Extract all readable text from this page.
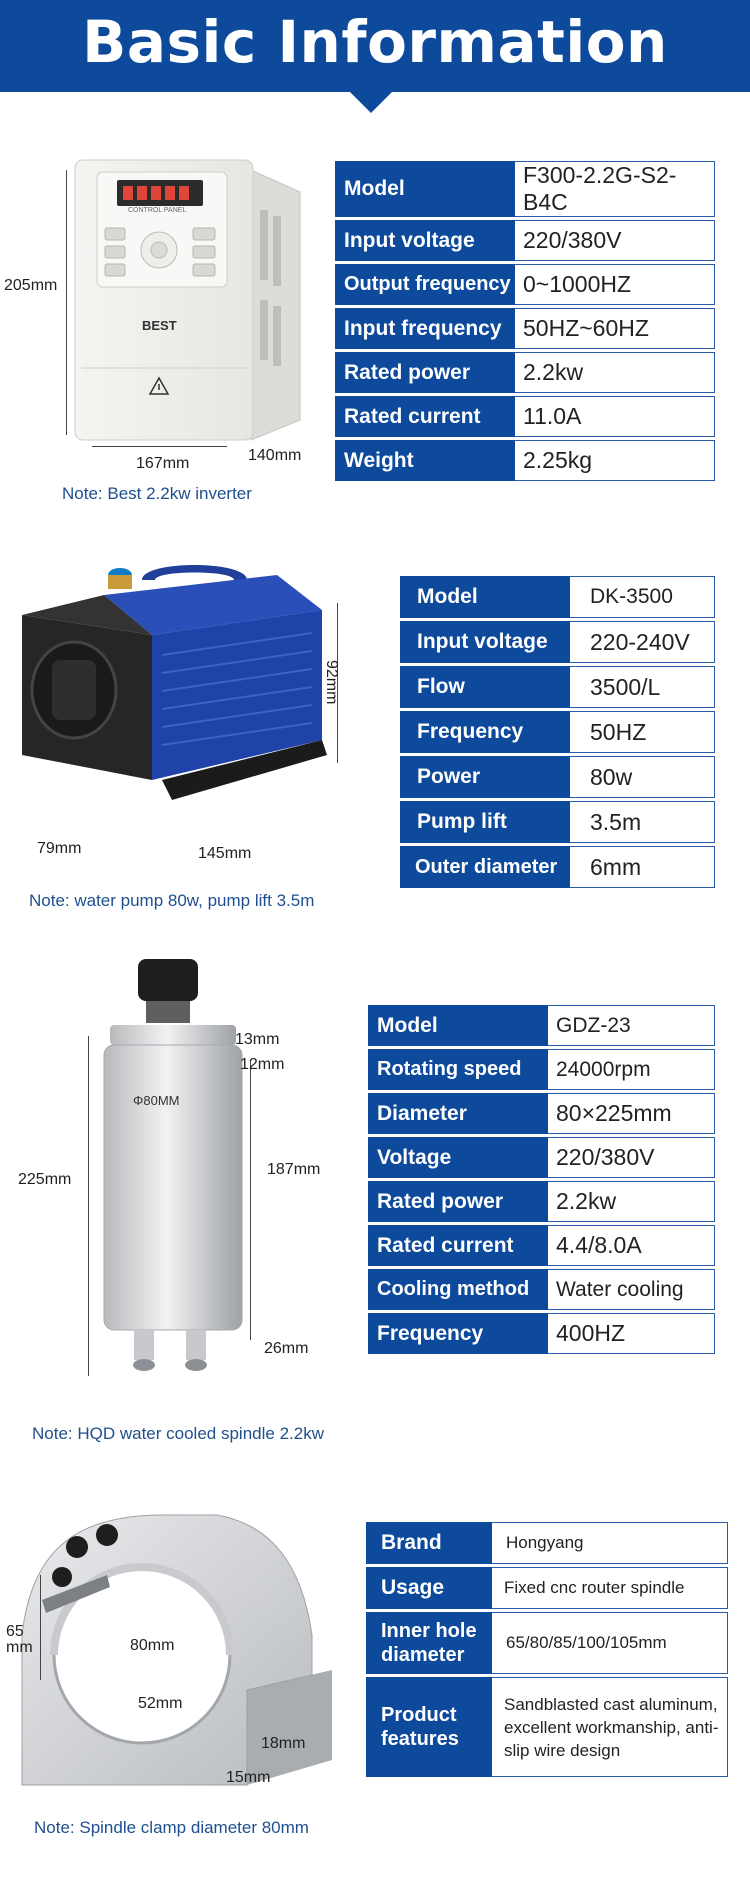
Basic Information
BEST
CONTROL PANEL
205mm
167mm	140mm
Model	F300-2.2G-S2-B4C
Input voltage	220/380V
Output frequency	0~1000HZ
Input frequency	50HZ~60HZ
Rated power	2.2kw
Rated current	11.0A
Weight	2.25kg
Note: Best 2.2kw inverter
92mm
79mm	145mm
Model	DK-3500
Input voltage	220-240V
Flow	3500/L
Frequency	50HZ
Power	80w
Pump lift	3.5m
Outer diameter	6mm
Note: water pump 80w, pump lift 3.5m
Φ80MM
225mm
13mm
12mm
187mm
26mm
Model	GDZ-23
Rotating speed	24000rpm
Diameter	80×225mm
Voltage	220/380V
Rated power	2.2kw
Rated current	4.4/8.0A
Cooling method	Water cooling
Frequency	400HZ
Note: HQD water cooled spindle 2.2kw
65 mm	80mm
52mm
18mm
15mm
Brand	Hongyang
Usage	Fixed cnc router spindle
Inner hole diameter	65/80/85/100/105mm
Product features	Sandblasted cast aluminum, excellent workmanship, anti-slip wire design
Note: Spindle clamp diameter 80mm
